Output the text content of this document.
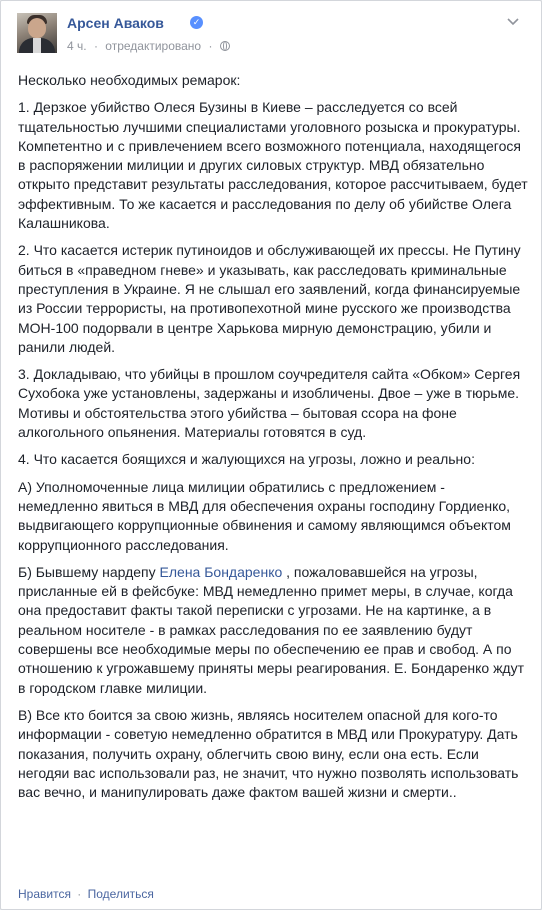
Арсен Аваков	✓
4 ч. · отредактировано ·

Несколько необходимых ремарок:

1. Дерзкое убийство Олеся Бузины в Киеве – расследуется со всей тщательностью лучшими специалистами уголовного розыска и прокуратуры. Компетентно и с привлечением всего возможного потенциала, находящегося в распоряжении милиции и других силовых структур. МВД обязательно открыто представит результаты расследования, которое рассчитываем, будет эффективным. То же касается и расследования по делу об убийстве Олега Калашникова.

2. Что касается истерик путиноидов и обслуживающей их прессы. Не Путину биться в «праведном гневе» и указывать, как расследовать криминальные преступления в Украине. Я не слышал его заявлений, когда финансируемые из России террористы, на противопехотной мине русского же производства МОН-100 подорвали в центре Харькова мирную демонстрацию, убили и ранили людей.

3. Докладываю, что убийцы в прошлом соучредителя сайта «Обком» Сергея Сухобока уже установлены, задержаны и изобличены. Двое – уже в тюрьме. Мотивы и обстоятельства этого убийства – бытовая ссора на фоне алкогольного опьянения. Материалы готовятся в суд.

4. Что касается боящихся и жалующихся на угрозы, ложно и реально:

А) Уполномоченные лица милиции обратились с предложением - немедленно явиться в МВД для обеспечения охраны господину Гордиенко, выдвигающего коррупционные обвинения и самому являющимся объектом коррупционного расследования.

Б) Бывшему нардепу Елена Бондаренко , пожаловавшейся на угрозы, присланные ей в фейсбуке: МВД немедленно примет меры, в случае, когда она предоставит факты такой переписки с угрозами. Не на картинке, а в реальном носителе - в рамках расследования по ее заявлению будут совершены все необходимые меры по обеспечению ее прав и свобод. А по отношению к угрожавшему приняты меры реагирования. Е. Бондаренко ждут в городском главке милиции.

В) Все кто боится за свою жизнь, являясь носителем опасной для кого-то информации - советую немедленно обратится в МВД или Прокуратуру. Дать показания, получить охрану, облегчить свою вину, если она есть. Если негодяи вас использовали раз, не значит, что нужно позволять использовать вас вечно, и манипулировать даже фактом вашей жизни и смерти..

Нравится · Поделиться
